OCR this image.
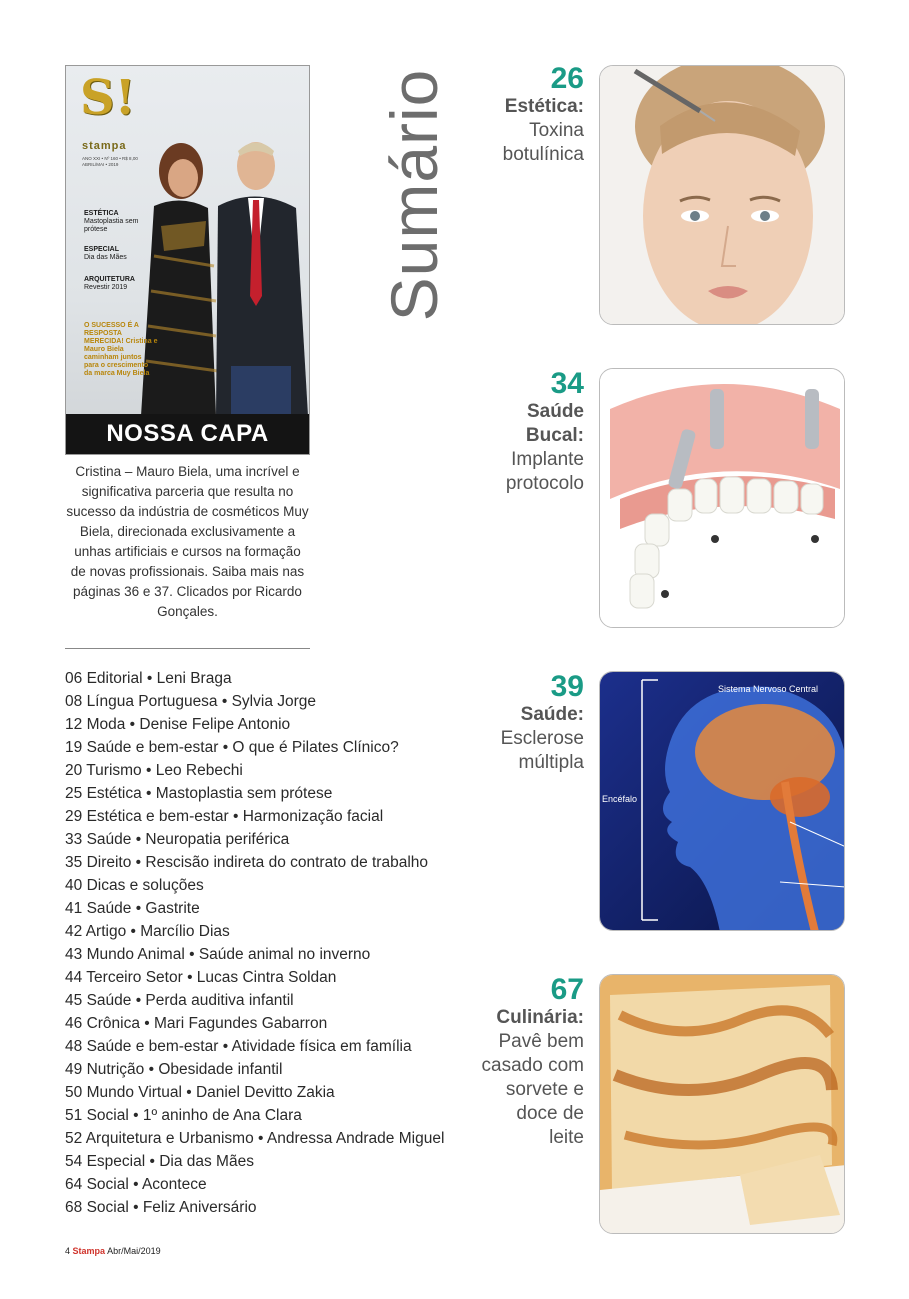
S!
stampa
ANO XXI • Nº 160 • R$ 8,00
ABRIL/MAI • 2019
ESTÉTICA
Mastoplastia sem prótese
ESPECIAL
Dia das Mães
ARQUITETURA
Revestir 2019
O SUCESSO É A RESPOSTA MERECIDA! Cristina e Mauro Biela caminham juntos para o crescimento da marca Muy Biela
NOSSA CAPA

Cristina – Mauro Biela, uma incrível e significativa parceria que resulta no sucesso da indústria de cosméticos Muy Biela, direcionada exclusivamente a unhas artificiais e cursos na formação de novas profissionais. Saiba mais nas páginas 36 e 37. Clicados por Ricardo Gonçales.

Sumário
06 Editorial • Leni Braga
08 Língua Portuguesa • Sylvia Jorge
12 Moda • Denise Felipe Antonio
19 Saúde e bem-estar • O que é Pilates Clínico?
20 Turismo • Leo Rebechi
25 Estética • Mastoplastia sem prótese
29 Estética e bem-estar • Harmonização facial
33 Saúde • Neuropatia periférica
35 Direito • Rescisão indireta do contrato de trabalho
40 Dicas e soluções
41 Saúde • Gastrite
42 Artigo • Marcílio Dias
43 Mundo Animal • Saúde animal no inverno
44 Terceiro Setor • Lucas Cintra Soldan
45 Saúde • Perda auditiva infantil
46 Crônica • Mari Fagundes Gabarron
48 Saúde e bem-estar • Atividade física em família
49 Nutrição • Obesidade infantil
50 Mundo Virtual • Daniel Devitto Zakia
51 Social • 1º aninho de Ana Clara
52 Arquitetura e Urbanismo • Andressa Andrade Miguel
54 Especial • Dia das Mães
64 Social • Acontece
68 Social • Feliz Aniversário
26
Estética:
Toxina
botulínica
34
Saúde
Bucal:
Implante
protocolo
39
Saúde:
Esclerose
múltipla
Sistema Nervoso Central
Encéfalo
67
Culinária:
Pavê bem
casado com
sorvete e
doce de
leite
4 Stampa Abr/Mai/2019
